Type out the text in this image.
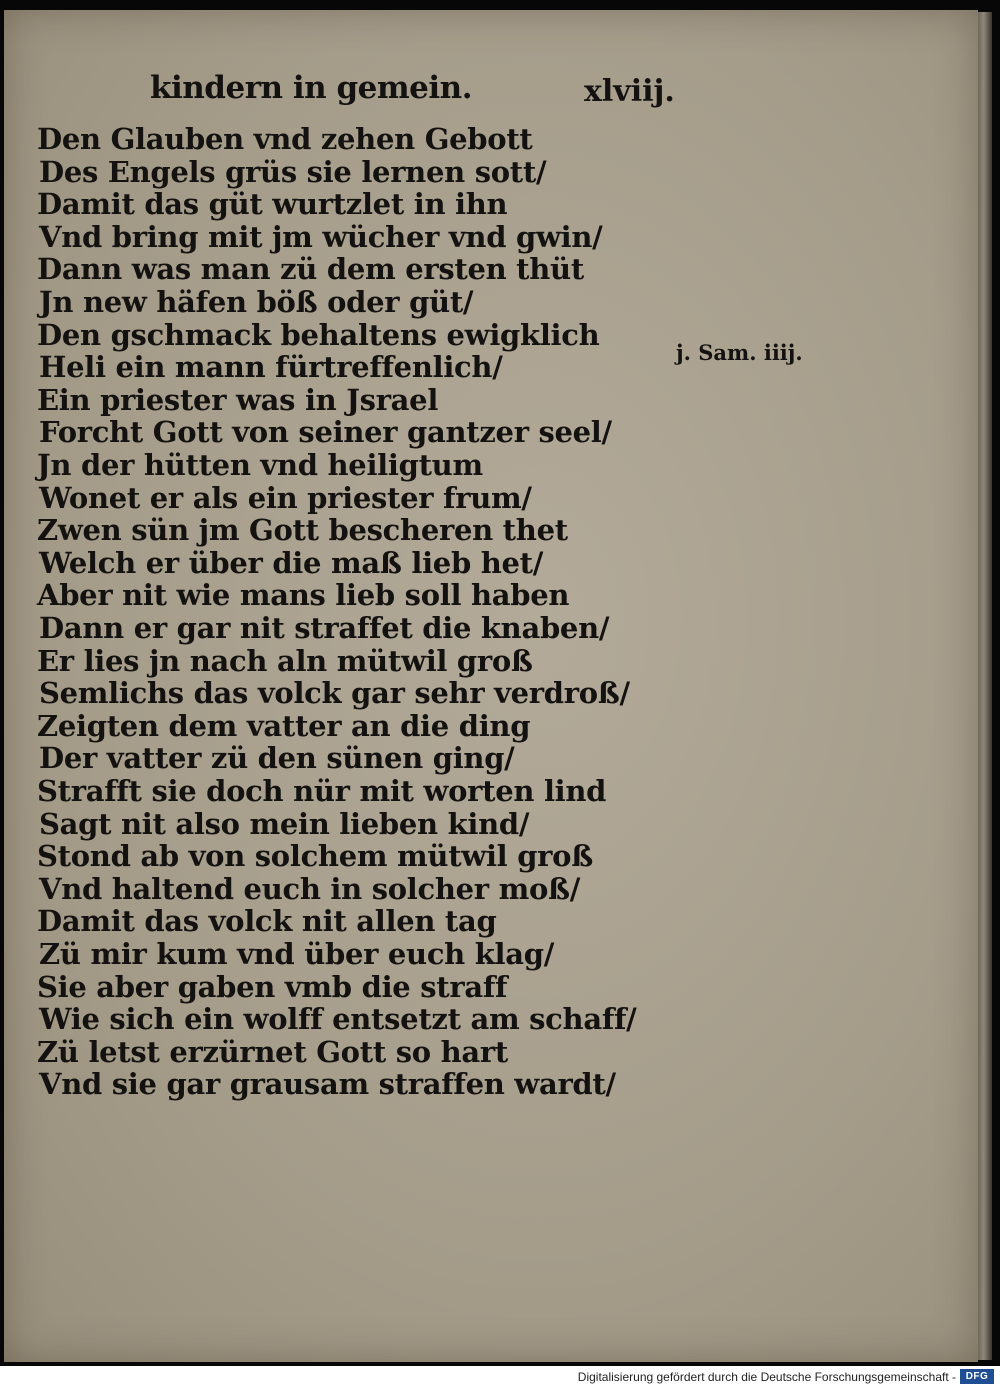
kindern in gemein.	xlviij.
j. Sam. iiij.
Den Glauben vnd zehen Gebott
Des Engels grüs sie lernen sott/
Damit das güt wurtzlet in ihn
Vnd bring mit jm wücher vnd gwin/
Dann was man zü dem ersten thüt
Jn new häfen böß oder güt/
Den gschmack behaltens ewigklich
Heli ein mann fürtreffenlich/
Ein priester was in Jsrael
Forcht Gott von seiner gantzer seel/
Jn der hütten vnd heiligtum
Wonet er als ein priester frum/
Zwen sün jm Gott bescheren thet
Welch er über die maß lieb het/
Aber nit wie mans lieb soll haben
Dann er gar nit straffet die knaben/
Er lies jn nach aln mütwil groß
Semlichs das volck gar sehr verdroß/
Zeigten dem vatter an die ding
Der vatter zü den sünen ging/
Strafft sie doch nür mit worten lind
Sagt nit also mein lieben kind/
Stond ab von solchem mütwil groß
Vnd haltend euch in solcher moß/
Damit das volck nit allen tag
Zü mir kum vnd über euch klag/
Sie aber gaben vmb die straff
Wie sich ein wolff entsetzt am schaff/
Zü letst erzürnet Gott so hart
Vnd sie gar grausam straffen wardt/
Digitalisierung gefördert durch die Deutsche Forschungsgemeinschaft - DFG
